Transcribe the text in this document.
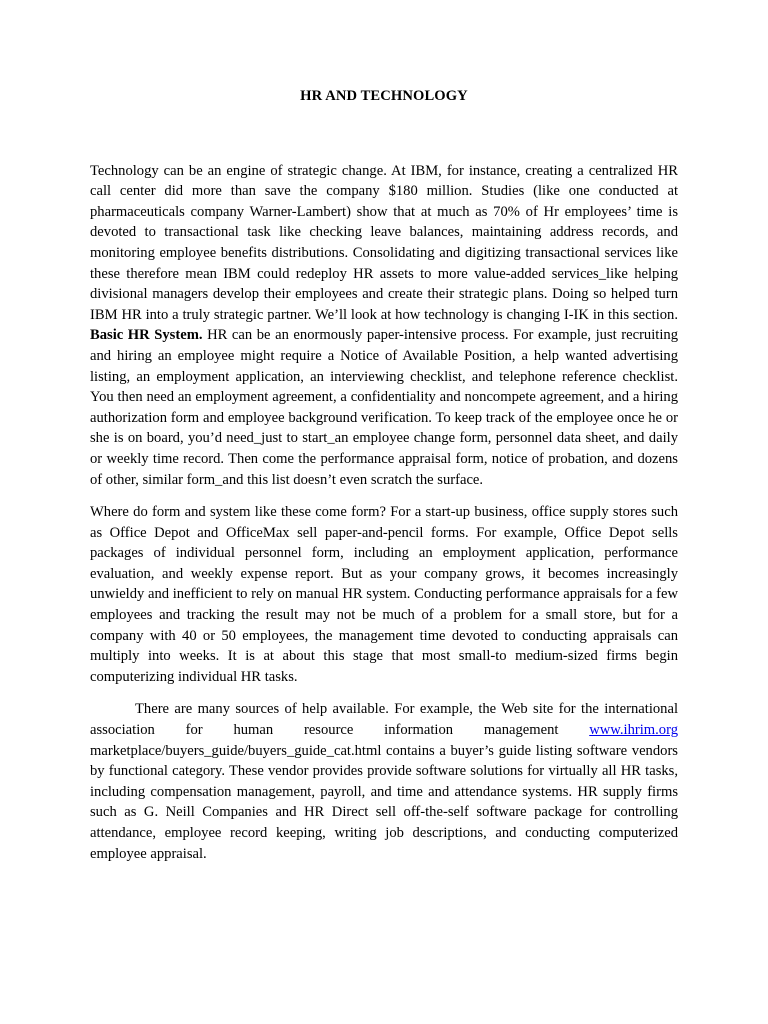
HR AND TECHNOLOGY

Technology can be an engine of strategic change. At IBM, for instance, creating a centralized HR call center did more than save the company $180 million. Studies (like one conducted at pharmaceuticals company Warner-Lambert) show that at much as 70% of Hr employees’ time is devoted to transactional task like checking leave balances, maintaining address records, and monitoring employee benefits distributions. Consolidating and digitizing transactional services like these therefore mean IBM could redeploy HR assets to more value-added services_like helping divisional managers develop their employees and create their strategic plans. Doing so helped turn IBM HR into a truly strategic partner. We’ll look at how technology is changing I-IK in this section. Basic HR System. HR can be an enormously paper-intensive process. For example, just recruiting and hiring an employee might require a Notice of Available Position, a help wanted advertising listing, an employment application, an interviewing checklist, and telephone reference checklist. You then need an employment agreement, a confidentiality and noncompete agreement, and a hiring authorization form and employee background verification. To keep track of the employee once he or she is on board, you’d need_just to start_an employee change form, personnel data sheet, and daily or weekly time record. Then come the performance appraisal form, notice of probation, and dozens of other, similar form_and this list doesn’t even scratch the surface.

Where do form and system like these come form? For a start-up business, office supply stores such as Office Depot and OfficeMax sell paper-and-pencil forms. For example, Office Depot sells packages of individual personnel form, including an employment application, performance evaluation, and weekly expense report. But as your company grows, it becomes increasingly unwieldy and inefficient to rely on manual HR system. Conducting performance appraisals for a few employees and tracking the result may not be much of a problem for a small store, but for a company with 40 or 50 employees, the management time devoted to conducting appraisals can multiply into weeks. It is at about this stage that most small-to medium-sized firms begin computerizing individual HR tasks.

There are many sources of help available. For example, the Web site for the international association for human resource information management www.ihrim.org marketplace/buyers_guide/buyers_guide_cat.html contains a buyer’s guide listing software vendors by functional category. These vendor provides provide software solutions for virtually all HR tasks, including compensation management, payroll, and time and attendance systems. HR supply firms such as G. Neill Companies and HR Direct sell off-the-self software package for controlling attendance, employee record keeping, writing job descriptions, and conducting computerized employee appraisal.
